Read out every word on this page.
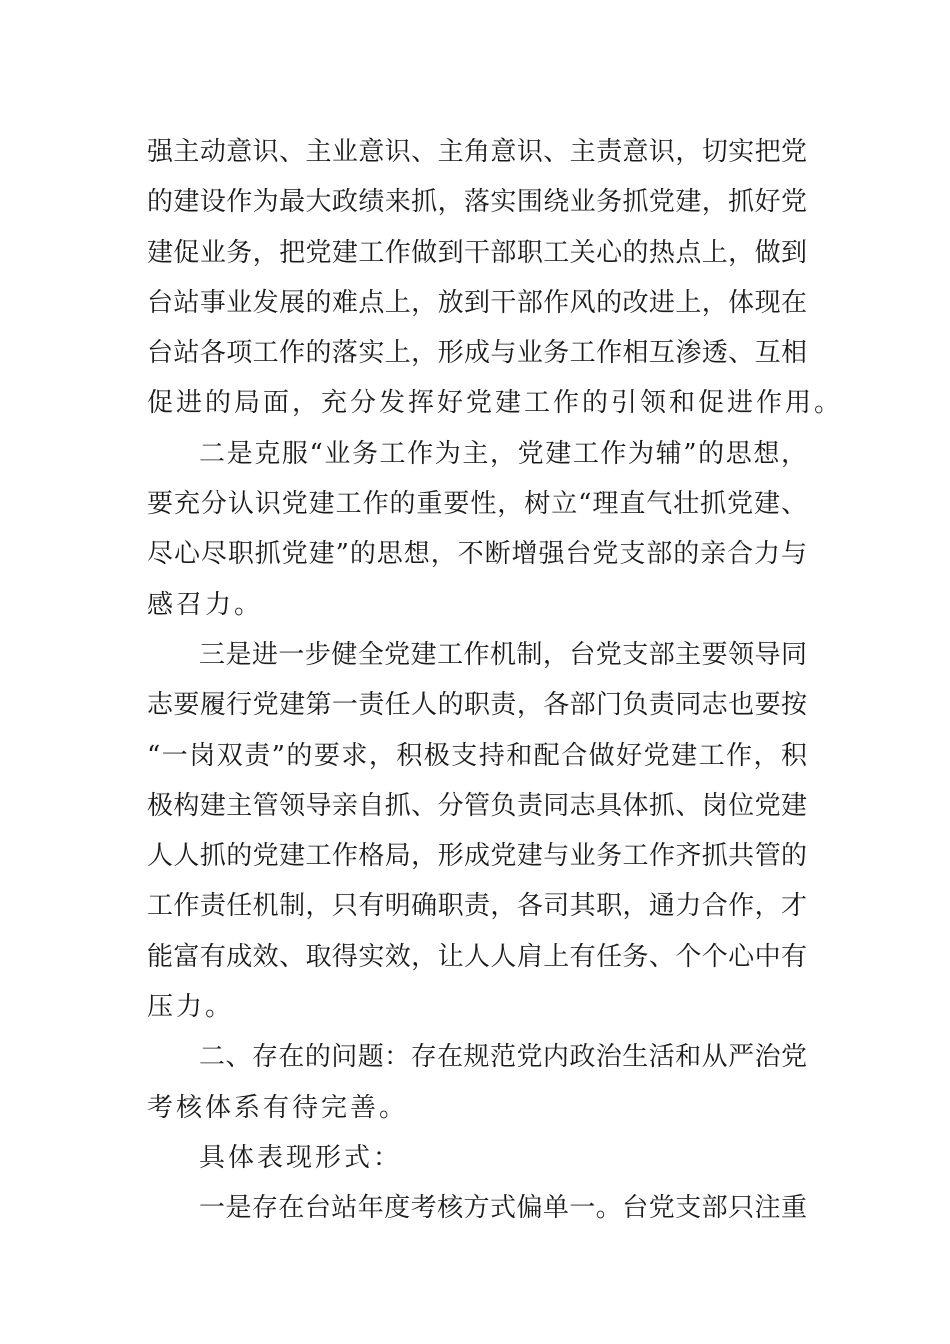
强主动意识、主业意识、主角意识、主责意识，切实把党
的建设作为最大政绩来抓，落实围绕业务抓党建，抓好党
建促业务，把党建工作做到干部职工关心的热点上，做到
台站事业发展的难点上，放到干部作风的改进上，体现在
台站各项工作的落实上，形成与业务工作相互渗透、互相
促进的局面，充分发挥好党建工作的引领和促进作用。
二是克服“业务工作为主，党建工作为辅”的思想，
要充分认识党建工作的重要性，树立“理直气壮抓党建、
尽心尽职抓党建”的思想，不断增强台党支部的亲合力与
感召力。
三是进一步健全党建工作机制，台党支部主要领导同
志要履行党建第一责任人的职责，各部门负责同志也要按
“一岗双责”的要求，积极支持和配合做好党建工作，积
极构建主管领导亲自抓、分管负责同志具体抓、岗位党建
人人抓的党建工作格局，形成党建与业务工作齐抓共管的
工作责任机制，只有明确职责，各司其职，通力合作，才
能富有成效、取得实效，让人人肩上有任务、个个心中有
压力。
二、存在的问题：存在规范党内政治生活和从严治党
考核体系有待完善。
具体表现形式：
一是存在台站年度考核方式偏单一。台党支部只注重
